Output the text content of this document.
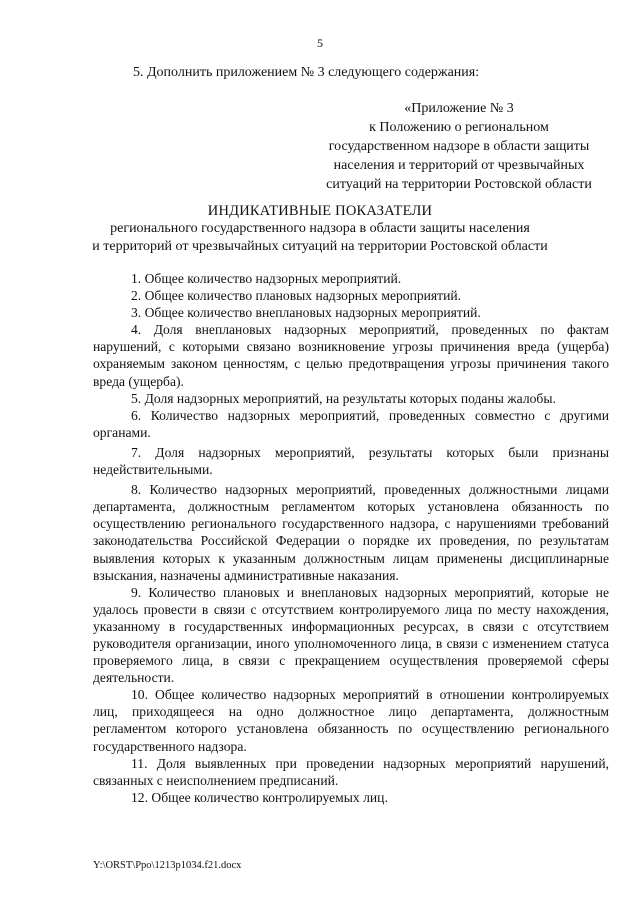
5
5. Дополнить приложением № 3 следующего содержания:
«Приложение № 3
к Положению о региональном
государственном надзоре в области защиты
населения и территорий от чрезвычайных
ситуаций на территории Ростовской области
ИНДИКАТИВНЫЕ ПОКАЗАТЕЛИ
регионального государственного надзора в области защиты населения
и территорий от чрезвычайных ситуаций на территории Ростовской области

1. Общее количество надзорных мероприятий.

2. Общее количество плановых надзорных мероприятий.

3. Общее количество внеплановых надзорных мероприятий.

4. Доля внеплановых надзорных мероприятий, проведенных по фактам нарушений, с которыми связано возникновение угрозы причинения вреда (ущерба) охраняемым законом ценностям, с целью предотвращения угрозы причинения такого вреда (ущерба).

5. Доля надзорных мероприятий, на результаты которых поданы жалобы.

6. Количество надзорных мероприятий, проведенных совместно с другими органами.

7. Доля надзорных мероприятий, результаты которых были признаны недействительными.

8. Количество надзорных мероприятий, проведенных должностными лицами департамента, должностным регламентом которых установлена обязанность по осуществлению регионального государственного надзора, с нарушениями требований законодательства Российской Федерации о порядке их проведения, по результатам выявления которых к указанным должностным лицам применены дисциплинарные взыскания, назначены административные наказания.

9. Количество плановых и внеплановых надзорных мероприятий, которые не удалось провести в связи с отсутствием контролируемого лица по месту нахождения, указанному в государственных информационных ресурсах, в связи с отсутствием руководителя организации, иного уполномоченного лица, в связи с изменением статуса проверяемого лица, в связи с прекращением осуществления проверяемой сферы деятельности.

10. Общее количество надзорных мероприятий в отношении контролируемых лиц, приходящееся на одно должностное лицо департамента, должностным регламентом которого установлена обязанность по осуществлению регионального государственного надзора.

11. Доля выявленных при проведении надзорных мероприятий нарушений, связанных с неисполнением предписаний.

12. Общее количество контролируемых лиц.

Y:\ORST\Ppo\1213p1034.f21.docx
